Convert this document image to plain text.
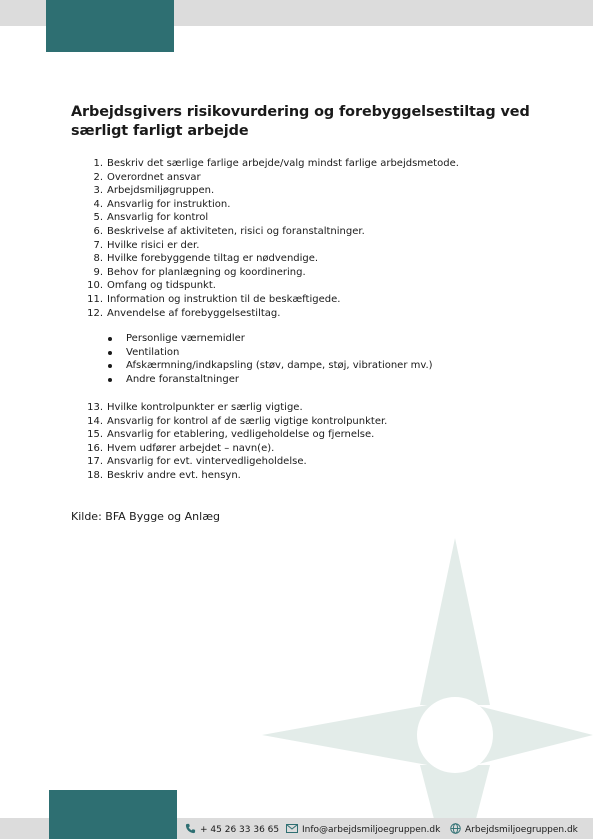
Arbejdsgivers risikovurdering og forebyggelsestiltag ved særligt farligt arbejde
1. Beskriv det særlige farlige arbejde/valg mindst farlige arbejdsmetode.
2. Overordnet ansvar
3. Arbejdsmiljøgruppen.
4. Ansvarlig for instruktion.
5. Ansvarlig for kontrol
6. Beskrivelse af aktiviteten, risici og foranstaltninger.
7. Hvilke risici er der.
8. Hvilke forebyggende tiltag er nødvendige.
9. Behov for planlægning og koordinering.
10. Omfang og tidspunkt.
11. Information og instruktion til de beskæftigede.
12. Anvendelse af forebyggelsestiltag.
Personlige værnemidler
Ventilation
Afskærmning/indkapsling (støv, dampe, støj, vibrationer mv.)
Andre foranstaltninger
13. Hvilke kontrolpunkter er særlig vigtige.
14. Ansvarlig for kontrol af de særlig vigtige kontrolpunkter.
15. Ansvarlig for etablering, vedligeholdelse og fjernelse.
16. Hvem udfører arbejdet – navn(e).
17. Ansvarlig for evt. vintervedligeholdelse.
18. Beskriv andre evt. hensyn.
Kilde: BFA Bygge og Anlæg
+ 45 26 33 36 65	Info@arbejdsmiljoegruppen.dk	Arbejdsmiljoegruppen.dk
